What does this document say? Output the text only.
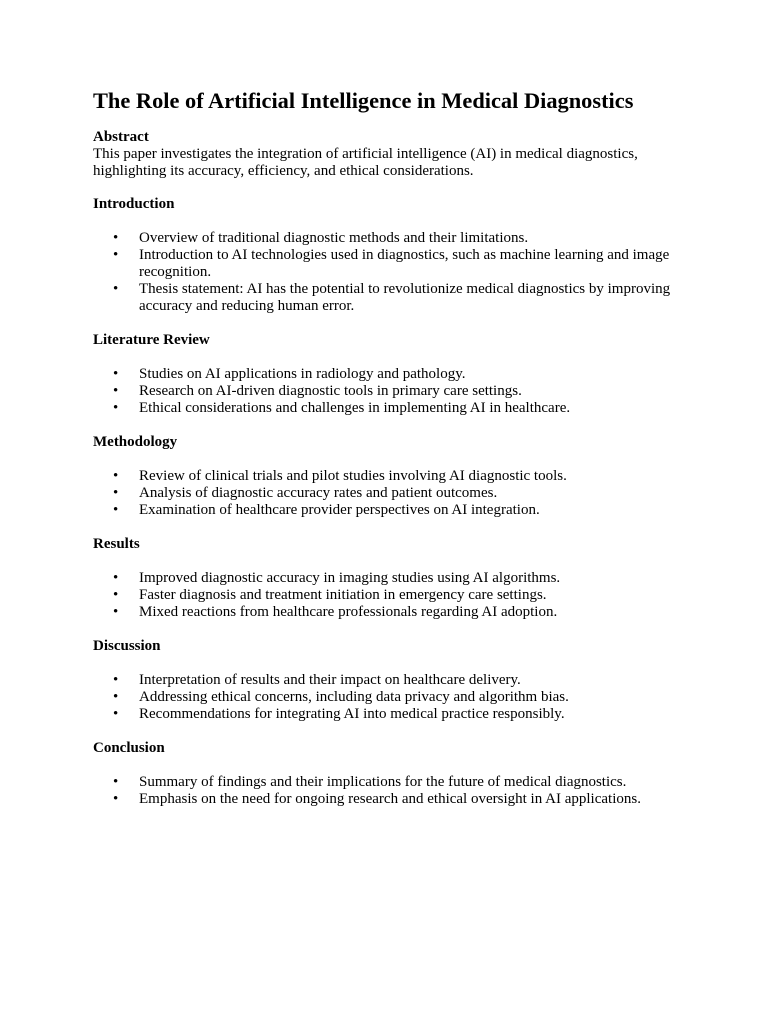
The Role of Artificial Intelligence in Medical Diagnostics
Abstract

This paper investigates the integration of artificial intelligence (AI) in medical diagnostics, highlighting its accuracy, efficiency, and ethical considerations.

Introduction
• Overview of traditional diagnostic methods and their limitations.
• Introduction to AI technologies used in diagnostics, such as machine learning and image recognition.
• Thesis statement: AI has the potential to revolutionize medical diagnostics by improving accuracy and reducing human error.
Literature Review
• Studies on AI applications in radiology and pathology.
• Research on AI-driven diagnostic tools in primary care settings.
• Ethical considerations and challenges in implementing AI in healthcare.
Methodology
• Review of clinical trials and pilot studies involving AI diagnostic tools.
• Analysis of diagnostic accuracy rates and patient outcomes.
• Examination of healthcare provider perspectives on AI integration.
Results
• Improved diagnostic accuracy in imaging studies using AI algorithms.
• Faster diagnosis and treatment initiation in emergency care settings.
• Mixed reactions from healthcare professionals regarding AI adoption.
Discussion
• Interpretation of results and their impact on healthcare delivery.
• Addressing ethical concerns, including data privacy and algorithm bias.
• Recommendations for integrating AI into medical practice responsibly.
Conclusion
• Summary of findings and their implications for the future of medical diagnostics.
• Emphasis on the need for ongoing research and ethical oversight in AI applications.
